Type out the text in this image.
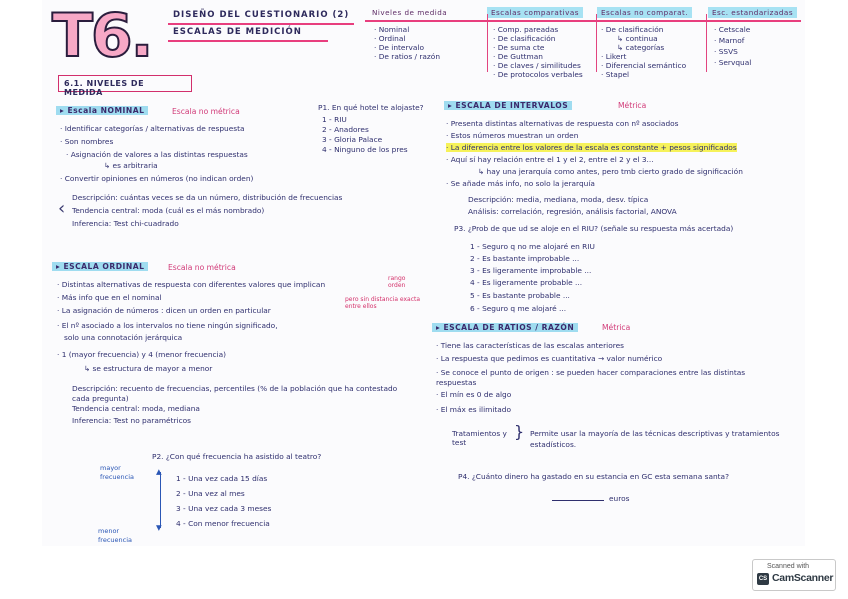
T6.	DISEÑO DEL CUESTIONARIO (2)
ESCALAS DE MEDICIÓN
Niveles de medida	Escalas comparativas	Escalas no comparat.	Esc. estandarizadas
· Nominal
· Ordinal
· De intervalo
· De ratios / razón
· Comp. pareadas
· De clasificación
· De suma cte
· De Guttman
· De claves / similitudes
· De protocolos verbales
· De clasificación
↳ continua
↳ categorías
· Likert
· Diferencial semántico
· Stapel
· Cetscale
· Marnof
· SSVS
· Servqual
6.1. NIVELES DE MEDIDA
▸ Escala NOMINAL	Escala no métrica
· Identificar categorías / alternativas de respuesta
· Son nombres
· Asignación de valores a las distintas respuestas
↳ es arbitraria
· Convertir opiniones en números (no indican orden)
Descripción: cuántas veces se da un número, distribución de frecuencias
Tendencia central: moda (cuál es el más nombrado)
Inferencia: Test chi-cuadrado
‹
P1. En qué hotel te alojaste?
1 - RIU
2 - Anadores
3 - Gloria Palace
4 - Ninguno de los pres
▸ ESCALA ORDINAL	Escala no métrica
· Distintas alternativas de respuesta con diferentes valores que implican
· Más info que en el nominal
· La asignación de números : dicen un orden en particular
· El nº asociado a los intervalos no tiene ningún significado,
solo una connotación jerárquica
· 1 (mayor frecuencia) y 4 (menor frecuencia)
↳ se estructura de mayor a menor
rango orden
pero sin distancia exacta entre ellos
Descripción: recuento de frecuencias, percentiles (% de la población que ha contestado cada pregunta)
Tendencia central: moda, mediana
Inferencia: Test no paramétricos
P2. ¿Con qué frecuencia ha asistido al teatro?
1 - Una vez cada 15 días
2 - Una vez al mes
3 - Una vez cada 3 meses
4 - Con menor frecuencia
mayor frecuencia
menor frecuencia
▲
▼
▸ ESCALA DE INTERVALOS	Métrica
· Presenta distintas alternativas de respuesta con nº asociados
· Estos números muestran un orden
· La diferencia entre los valores de la escala es constante + pesos significados
· Aquí sí hay relación entre el 1 y el 2, entre el 2 y el 3...
↳ hay una jerarquía como antes, pero tmb cierto grado de significación
· Se añade más info, no solo la jerarquía
Descripción: media, mediana, moda, desv. típica
Análisis: correlación, regresión, análisis factorial, ANOVA
P3. ¿Prob de que ud se aloje en el RIU? (señale su respuesta más acertada)
1 - Seguro q no me alojaré en RIU
2 - Es bastante improbable ...
3 - Es ligeramente improbable ...
4 - Es ligeramente probable ...
5 - Es bastante probable ...
6 - Seguro q me alojaré ...
▸ ESCALA DE RATIOS / RAZÓN	Métrica
· Tiene las características de las escalas anteriores
· La respuesta que pedimos es cuantitativa → valor numérico
· Se conoce el punto de origen : se pueden hacer comparaciones entre las distintas respuestas
· El mín es 0 de algo
· El máx es ilimitado
Tratamientos y test
} Permite usar la mayoría de las técnicas descriptivas y tratamientos estadísticos.
P4. ¿Cuánto dinero ha gastado en su estancia en GC esta semana santa?
euros
Scanned with
CS CamScanner
